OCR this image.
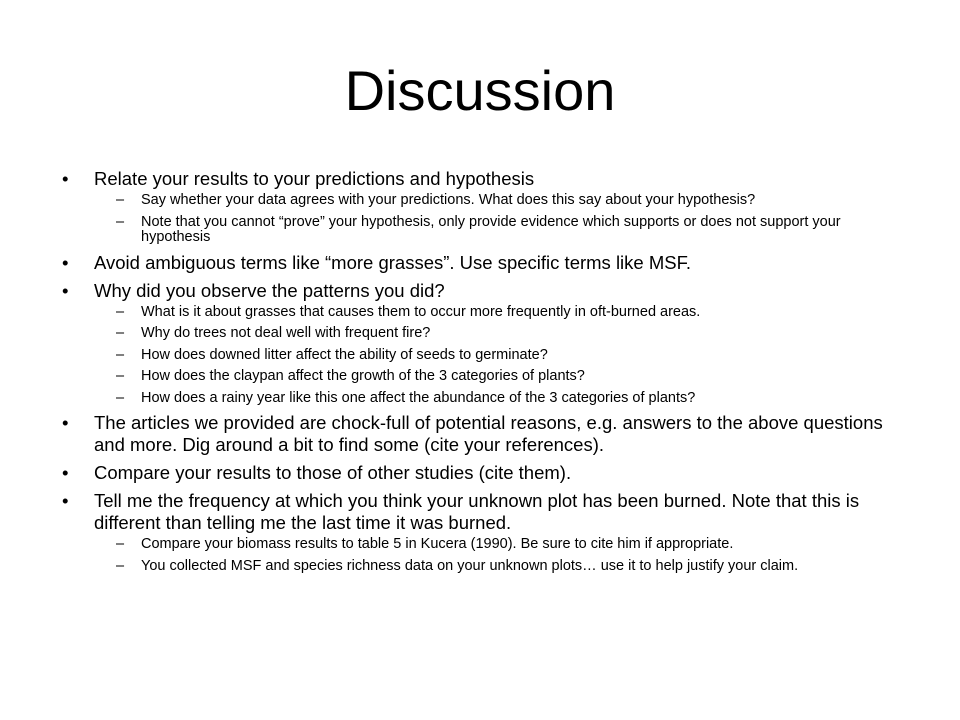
Discussion
• Relate your results to your predictions and hypothesis
– Say whether your data agrees with your predictions. What does this say about your hypothesis?
– Note that you cannot “prove” your hypothesis, only provide evidence which supports or does not support your hypothesis
• Avoid ambiguous terms like “more grasses”. Use specific terms like MSF.
• Why did you observe the patterns you did?
– What is it about grasses that causes them to occur more frequently in oft-burned areas.
– Why do trees not deal well with frequent fire?
– How does downed litter affect the ability of seeds to germinate?
– How does the claypan affect the growth of the 3 categories of plants?
– How does a rainy year like this one affect the abundance of the 3 categories of plants?
• The articles we provided are chock-full of potential reasons, e.g. answers to the above questions and more. Dig around a bit to find some (cite your references).
• Compare your results to those of other studies (cite them).
• Tell me the frequency at which you think your unknown plot has been burned. Note that this is different than telling me the last time it was burned.
– Compare your biomass results to table 5 in Kucera (1990). Be sure to cite him if appropriate.
– You collected MSF and species richness data on your unknown plots… use it to help justify your claim.
